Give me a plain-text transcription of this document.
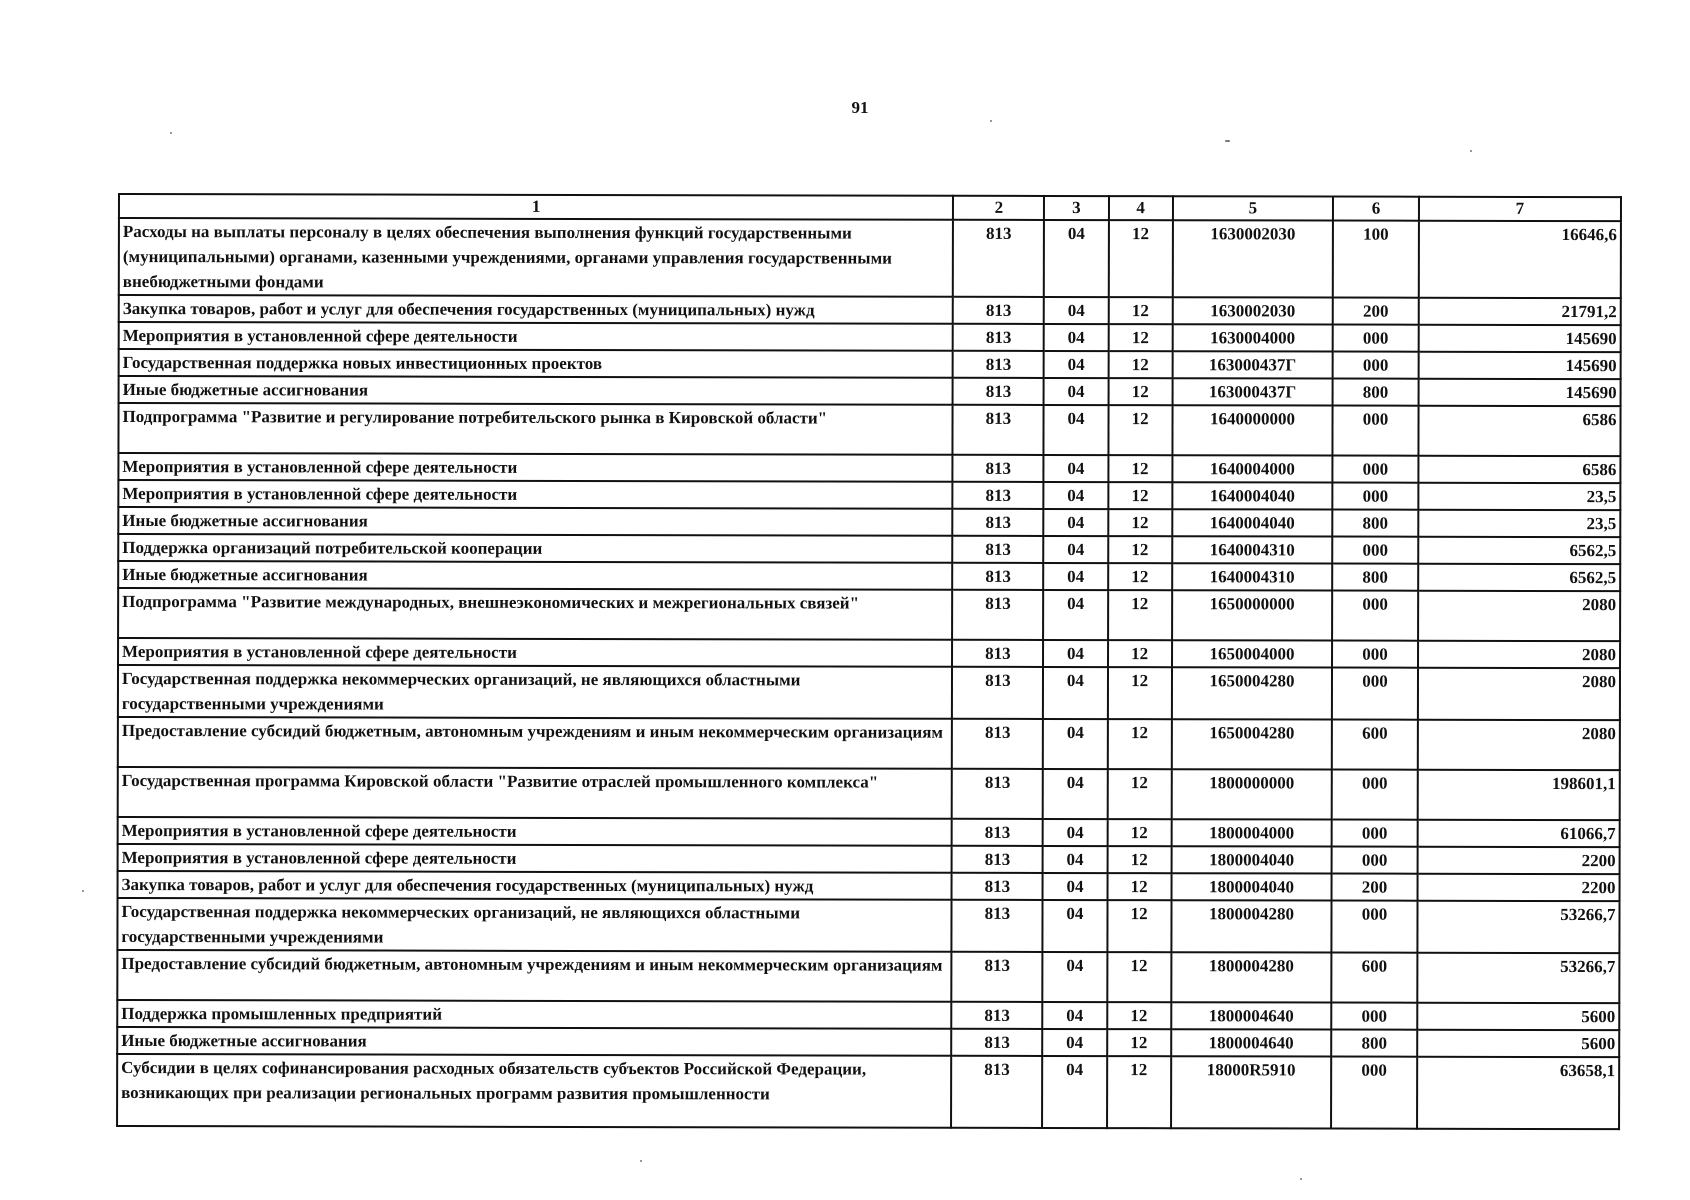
91
1	2	3	4	5	6	7
Расходы на выплаты персоналу в целях обеспечения выполнения функций государственными (муниципальными) органами, казенными учреждениями, органами управления государственными внебюджетными фондами	813	04	12	1630002030	100	16646,6
Закупка товаров, работ и услуг для обеспечения государственных (муниципальных) нужд	813	04	12	1630002030	200	21791,2
Мероприятия в установленной сфере деятельности	813	04	12	1630004000	000	145690
Государственная поддержка новых инвестиционных проектов	813	04	12	163000437Г	000	145690
Иные бюджетные ассигнования	813	04	12	163000437Г	800	145690
Подпрограмма "Развитие и регулирование потребительского рынка в Кировской области"	813	04	12	1640000000	000	6586
Мероприятия в установленной сфере деятельности	813	04	12	1640004000	000	6586
Мероприятия в установленной сфере деятельности	813	04	12	1640004040	000	23,5
Иные бюджетные ассигнования	813	04	12	1640004040	800	23,5
Поддержка организаций потребительской кооперации	813	04	12	1640004310	000	6562,5
Иные бюджетные ассигнования	813	04	12	1640004310	800	6562,5
Подпрограмма "Развитие международных, внешнеэкономических и межрегиональных связей"	813	04	12	1650000000	000	2080
Мероприятия в установленной сфере деятельности	813	04	12	1650004000	000	2080
Государственная поддержка некоммерческих организаций, не являющихся областными государственными учреждениями	813	04	12	1650004280	000	2080
Предоставление субсидий бюджетным, автономным учреждениям и иным некоммерческим организациям	813	04	12	1650004280	600	2080
Государственная программа Кировской области "Развитие отраслей промышленного комплекса"	813	04	12	1800000000	000	198601,1
Мероприятия в установленной сфере деятельности	813	04	12	1800004000	000	61066,7
Мероприятия в установленной сфере деятельности	813	04	12	1800004040	000	2200
Закупка товаров, работ и услуг для обеспечения государственных (муниципальных) нужд	813	04	12	1800004040	200	2200
Государственная поддержка некоммерческих организаций, не являющихся областными государственными учреждениями	813	04	12	1800004280	000	53266,7
Предоставление субсидий бюджетным, автономным учреждениям и иным некоммерческим организациям	813	04	12	1800004280	600	53266,7
Поддержка промышленных предприятий	813	04	12	1800004640	000	5600
Иные бюджетные ассигнования	813	04	12	1800004640	800	5600
Субсидии в целях софинансирования расходных обязательств субъектов Российской Федерации, возникающих при реализации региональных программ развития промышленности	813	04	12	18000R5910	000	63658,1
